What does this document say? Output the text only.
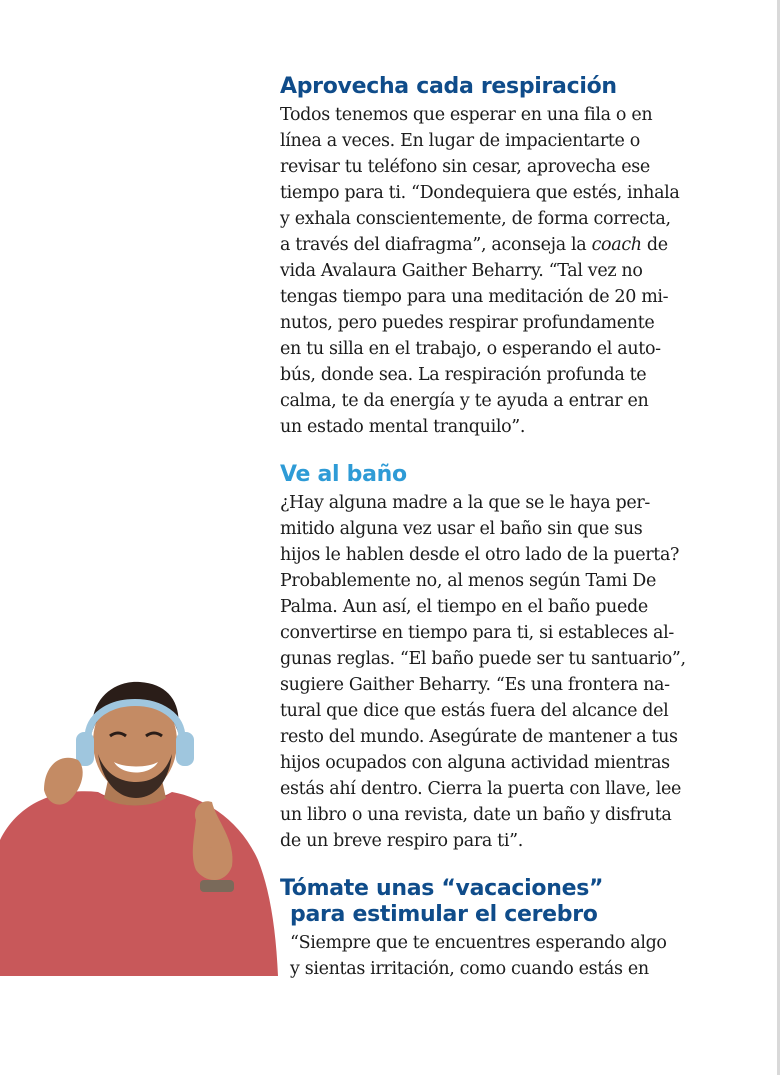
Aprovecha cada respiración

Todos tenemos que esperar en una fila o en

línea a veces. En lugar de impacientarte o

revisar tu teléfono sin cesar, aprovecha ese

tiempo para ti. “Dondequiera que estés, inhala

y exhala conscientemente, de forma correcta,

a través del diafragma”, aconseja la coach de

vida Avalaura Gaither Beharry. “Tal vez no

tengas tiempo para una meditación de 20 mi-

nutos, pero puedes respirar profundamente

en tu silla en el trabajo, o esperando el auto-

bús, donde sea. La respiración profunda te

calma, te da energía y te ayuda a entrar en

un estado mental tranquilo”.

Ve al baño

¿Hay alguna madre a la que se le haya per-

mitido alguna vez usar el baño sin que sus

hijos le hablen desde el otro lado de la puerta?

Probablemente no, al menos según Tami De

Palma. Aun así, el tiempo en el baño puede

convertirse en tiempo para ti, si estableces al-

gunas reglas. “El baño puede ser tu santuario”,

sugiere Gaither Beharry. “Es una frontera na-

tural que dice que estás fuera del alcance del

resto del mundo. Asegúrate de mantener a tus

hijos ocupados con alguna actividad mientras

estás ahí dentro. Cierra la puerta con llave, lee

un libro o una revista, date un baño y disfruta

de un breve respiro para ti”.

Tómate unas “vacaciones”
para estimular el cerebro

“Siempre que te encuentres esperando algo

y sientas irritación, como cuando estás en
